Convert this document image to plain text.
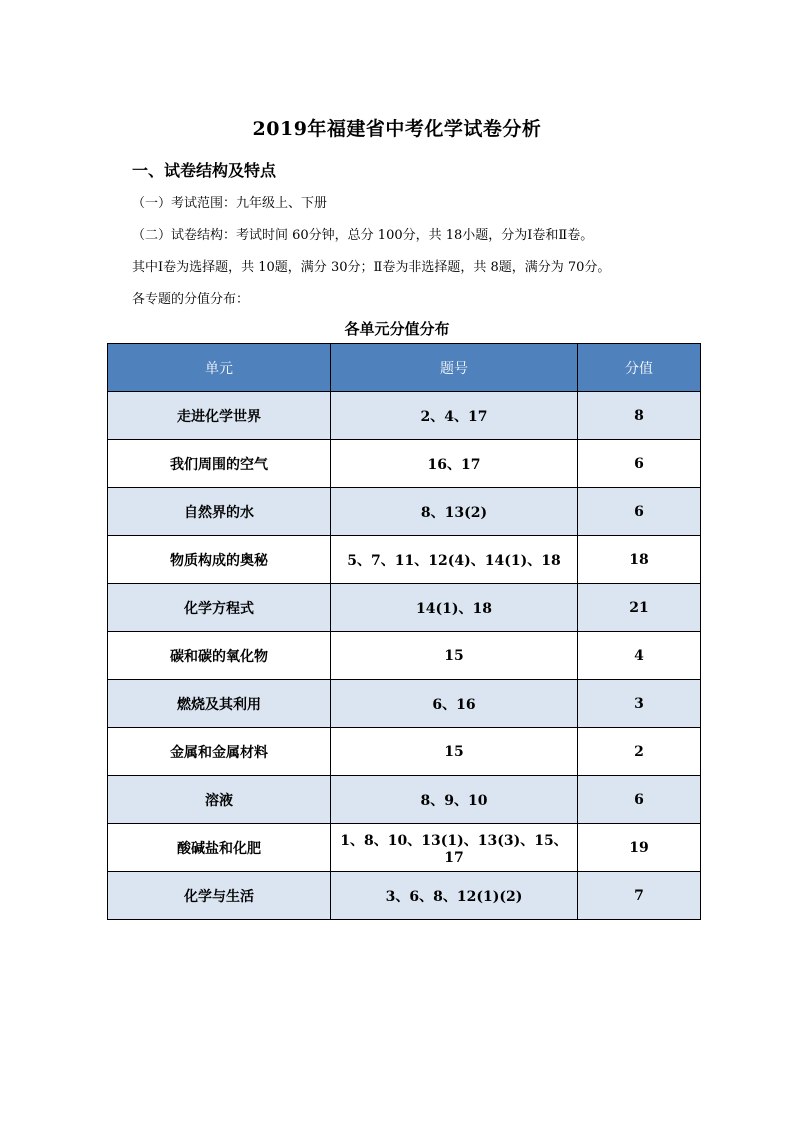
2019年福建省中考化学试卷分析
一、试卷结构及特点

（一）考试范围：九年级上、下册

（二）试卷结构：考试时间 60分钟，总分 100分，共 18小题，分为Ⅰ卷和Ⅱ卷。

其中Ⅰ卷为选择题，共 10题，满分 30分；Ⅱ卷为非选择题，共 8题，满分为 70分。

各专题的分值分布：

各单元分值分布
单元	题号	分值
走进化学世界	2、4、17	8
我们周围的空气	16、17	6
自然界的水	8、13(2)	6
物质构成的奥秘	5、7、11、12(4)、14(1)、18	18
化学方程式	14(1)、18	21
碳和碳的氧化物	15	4
燃烧及其利用	6、16	3
金属和金属材料	15	2
溶液	8、9、10	6
酸碱盐和化肥	1、8、10、13(1)、13(3)、15、17	19
化学与生活	3、6、8、12(1)(2)	7
